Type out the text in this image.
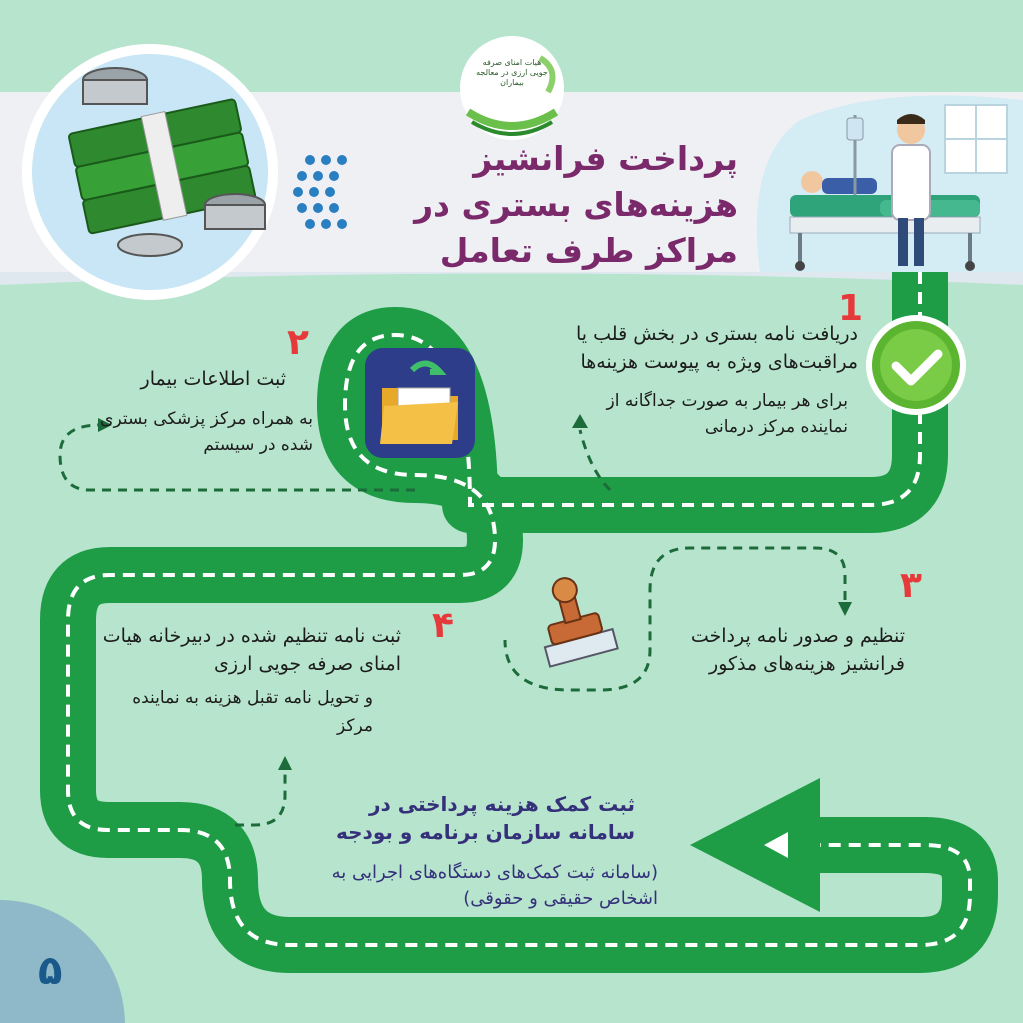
پرداخت فرانشیز هزینه‌های بستری در مراکز طرف تعامل
هیات امنای صرفه جویی ارزی در معالجه بیماران
1
دریافت نامه بستری در بخش قلب یا مراقبت‌های ویژه به پیوست هزینه‌ها
برای هر بیمار به صورت جداگانه از نماینده مرکز درمانی
۲
ثبت اطلاعات بیمار
به همراه مرکز پزشکی بستری شده در سیستم
۳
تنظیم و صدور نامه پرداخت فرانشیز هزینه‌های مذکور
۴
ثبت نامه تنظیم شده در دبیرخانه هیات امنای صرفه جویی ارزی
و تحویل نامه تقبل هزینه به نماینده مرکز
ثبت کمک هزینه پرداختی در سامانه سازمان برنامه و بودجه
(سامانه ثبت کمک‌های دستگاه‌های اجرایی به اشخاص حقیقی و حقوقی)
۵
